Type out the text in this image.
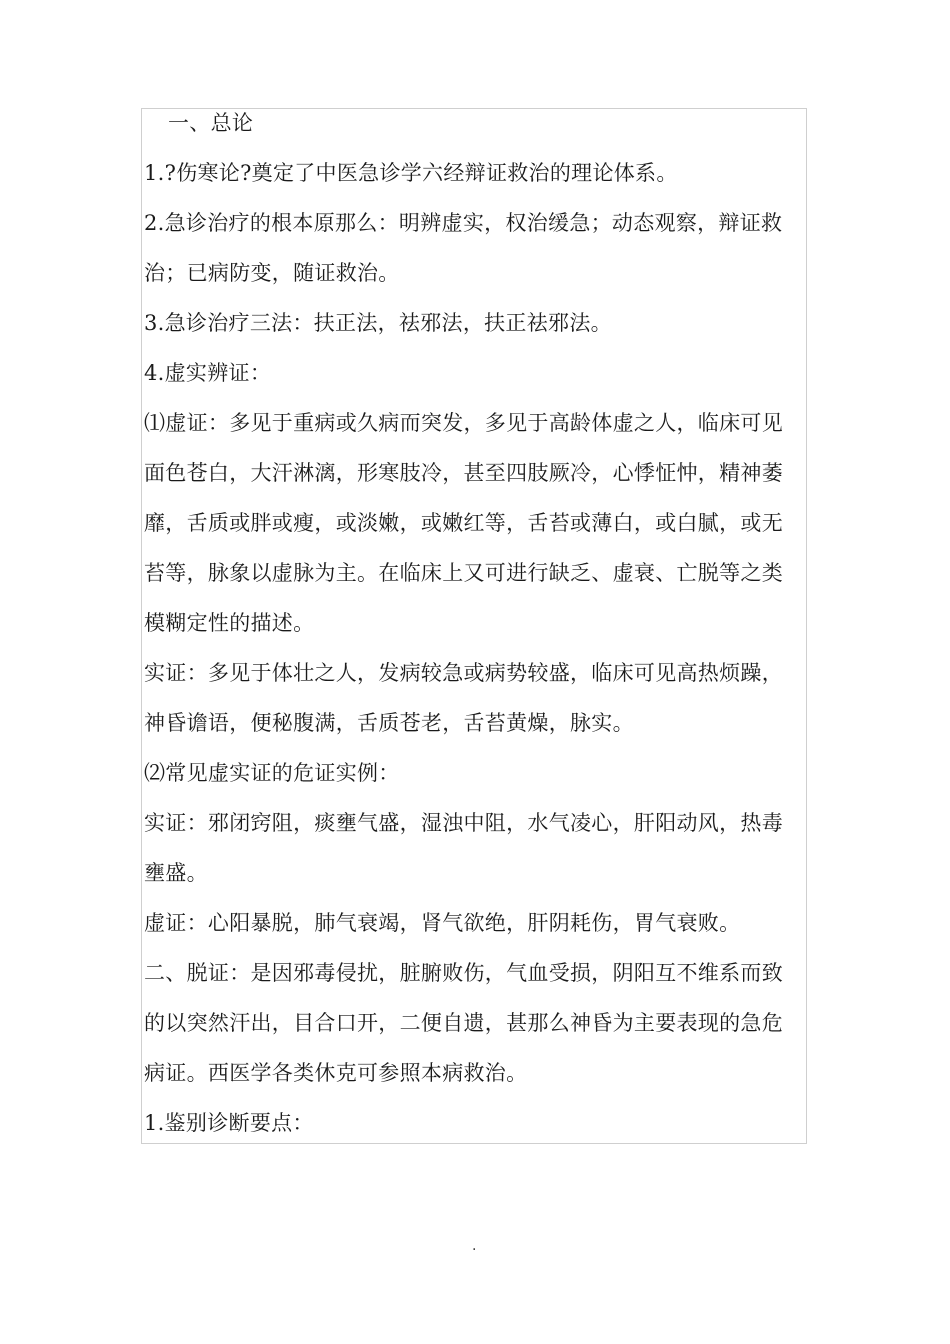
一、总论
1.?伤寒论?奠定了中医急诊学六经辩证救治的理论体系。
2.急诊治疗的根本原那么：明辨虚实，权治缓急；动态观察，辩证救
治；已病防变，随证救治。
3.急诊治疗三法：扶正法，祛邪法，扶正祛邪法。
4.虚实辨证：
⑴虚证：多见于重病或久病而突发，多见于高龄体虚之人，临床可见
面色苍白，大汗淋漓，形寒肢冷，甚至四肢厥冷，心悸怔忡，精神萎
靡，舌质或胖或瘦，或淡嫩，或嫩红等，舌苔或薄白，或白腻，或无
苔等，脉象以虚脉为主。在临床上又可进行缺乏、虚衰、亡脱等之类
模糊定性的描述。
实证：多见于体壮之人，发病较急或病势较盛，临床可见高热烦躁，
神昏谵语，便秘腹满，舌质苍老，舌苔黄燥，脉实。
⑵常见虚实证的危证实例：
实证：邪闭窍阻，痰壅气盛，湿浊中阻，水气凌心，肝阳动风，热毒
壅盛。
虚证：心阳暴脱，肺气衰竭，肾气欲绝，肝阴耗伤，胃气衰败。
二、脱证：是因邪毒侵扰，脏腑败伤，气血受损，阴阳互不维系而致
的以突然汗出，目合口开，二便自遗，甚那么神昏为主要表现的急危
病证。西医学各类休克可参照本病救治。
1.鉴别诊断要点：
.
